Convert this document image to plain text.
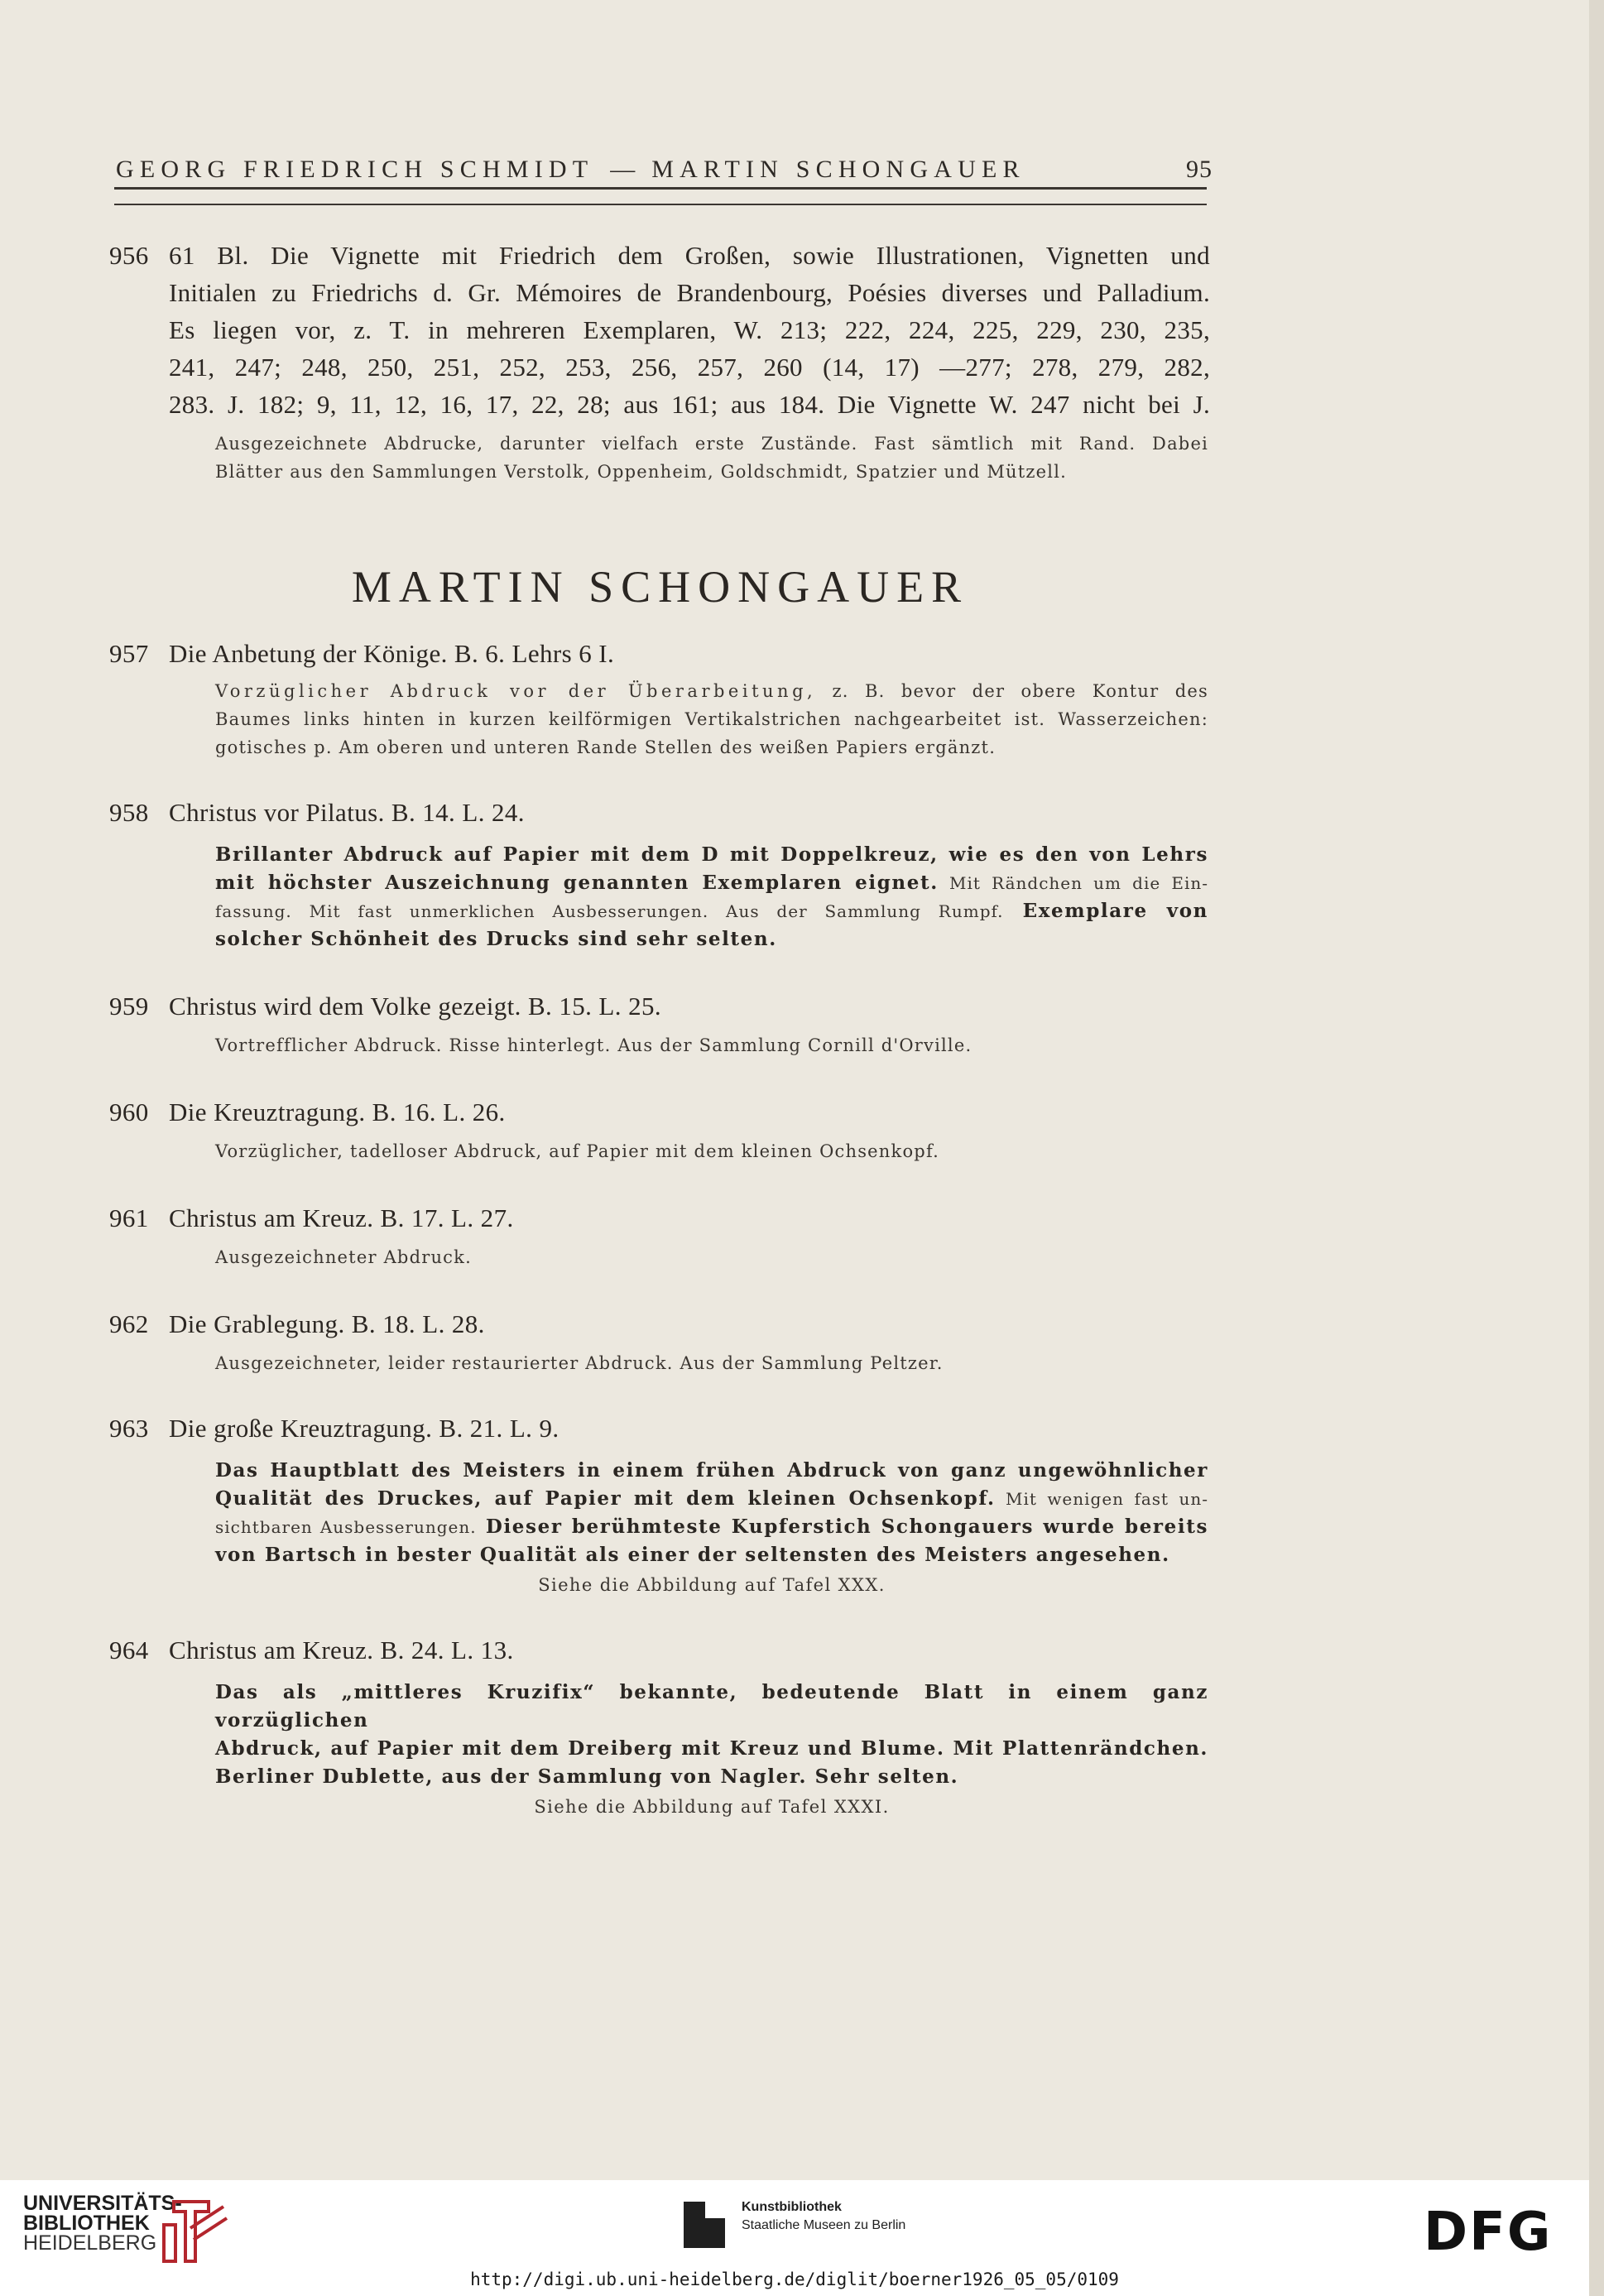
GEORG FRIEDRICH SCHMIDT — MARTIN SCHONGAUER	95
956 61 Bl. Die Vignette mit Friedrich dem Großen, sowie Illustrationen, Vignetten und
Initialen zu Friedrichs d. Gr. Mémoires de Brandenbourg, Poésies diverses und Palladium.
Es liegen vor, z. T. in mehreren Exemplaren, W. 213; 222, 224, 225, 229, 230, 235,
241, 247; 248, 250, 251, 252, 253, 256, 257, 260 (14, 17) —277; 278, 279, 282,
283. J. 182; 9, 11, 12, 16, 17, 22, 28; aus 161; aus 184. Die Vignette W. 247 nicht bei J.
Ausgezeichnete Abdrucke, darunter vielfach erste Zustände. Fast sämtlich mit Rand. Dabei
Blätter aus den Sammlungen Verstolk, Oppenheim, Goldschmidt, Spatzier und Mützell.
MARTIN SCHONGAUER
957 Die Anbetung der Könige. B. 6. Lehrs 6 I.
Vorzüglicher Abdruck vor der Überarbeitung, z. B. bevor der obere Kontur des
Baumes links hinten in kurzen keilförmigen Vertikalstrichen nachgearbeitet ist. Wasserzeichen:
gotisches p. Am oberen und unteren Rande Stellen des weißen Papiers ergänzt.
958 Christus vor Pilatus. B. 14. L. 24.
Brillanter Abdruck auf Papier mit dem D mit Doppelkreuz, wie es den von Lehrs
mit höchster Auszeichnung genannten Exemplaren eignet. Mit Rändchen um die Ein-
fassung. Mit fast unmerklichen Ausbesserungen. Aus der Sammlung Rumpf. Exemplare von
solcher Schönheit des Drucks sind sehr selten.
959 Christus wird dem Volke gezeigt. B. 15. L. 25.
Vortrefflicher Abdruck. Risse hinterlegt. Aus der Sammlung Cornill d'Orville.
960 Die Kreuztragung. B. 16. L. 26.
Vorzüglicher, tadelloser Abdruck, auf Papier mit dem kleinen Ochsenkopf.
961 Christus am Kreuz. B. 17. L. 27.
Ausgezeichneter Abdruck.
962 Die Grablegung. B. 18. L. 28.
Ausgezeichneter, leider restaurierter Abdruck. Aus der Sammlung Peltzer.
963 Die große Kreuztragung. B. 21. L. 9.
Das Hauptblatt des Meisters in einem frühen Abdruck von ganz ungewöhnlicher
Qualität des Druckes, auf Papier mit dem kleinen Ochsenkopf. Mit wenigen fast un-
sichtbaren Ausbesserungen. Dieser berühmteste Kupferstich Schongauers wurde bereits
von Bartsch in bester Qualität als einer der seltensten des Meisters angesehen.
Siehe die Abbildung auf Tafel XXX.
964 Christus am Kreuz. B. 24. L. 13.
Das als „mittleres Kruzifix“ bekannte, bedeutende Blatt in einem ganz vorzüglichen
Abdruck, auf Papier mit dem Dreiberg mit Kreuz und Blume. Mit Plattenrändchen.
Berliner Dublette, aus der Sammlung von Nagler. Sehr selten.
Siehe die Abbildung auf Tafel XXXI.
UNIVERSITÄTS-
BIBLIOTHEK
HEIDELBERG
Kunstbibliothek
Staatliche Museen zu Berlin	DFG
http://digi.ub.uni-heidelberg.de/diglit/boerner1926_05_05/0109
